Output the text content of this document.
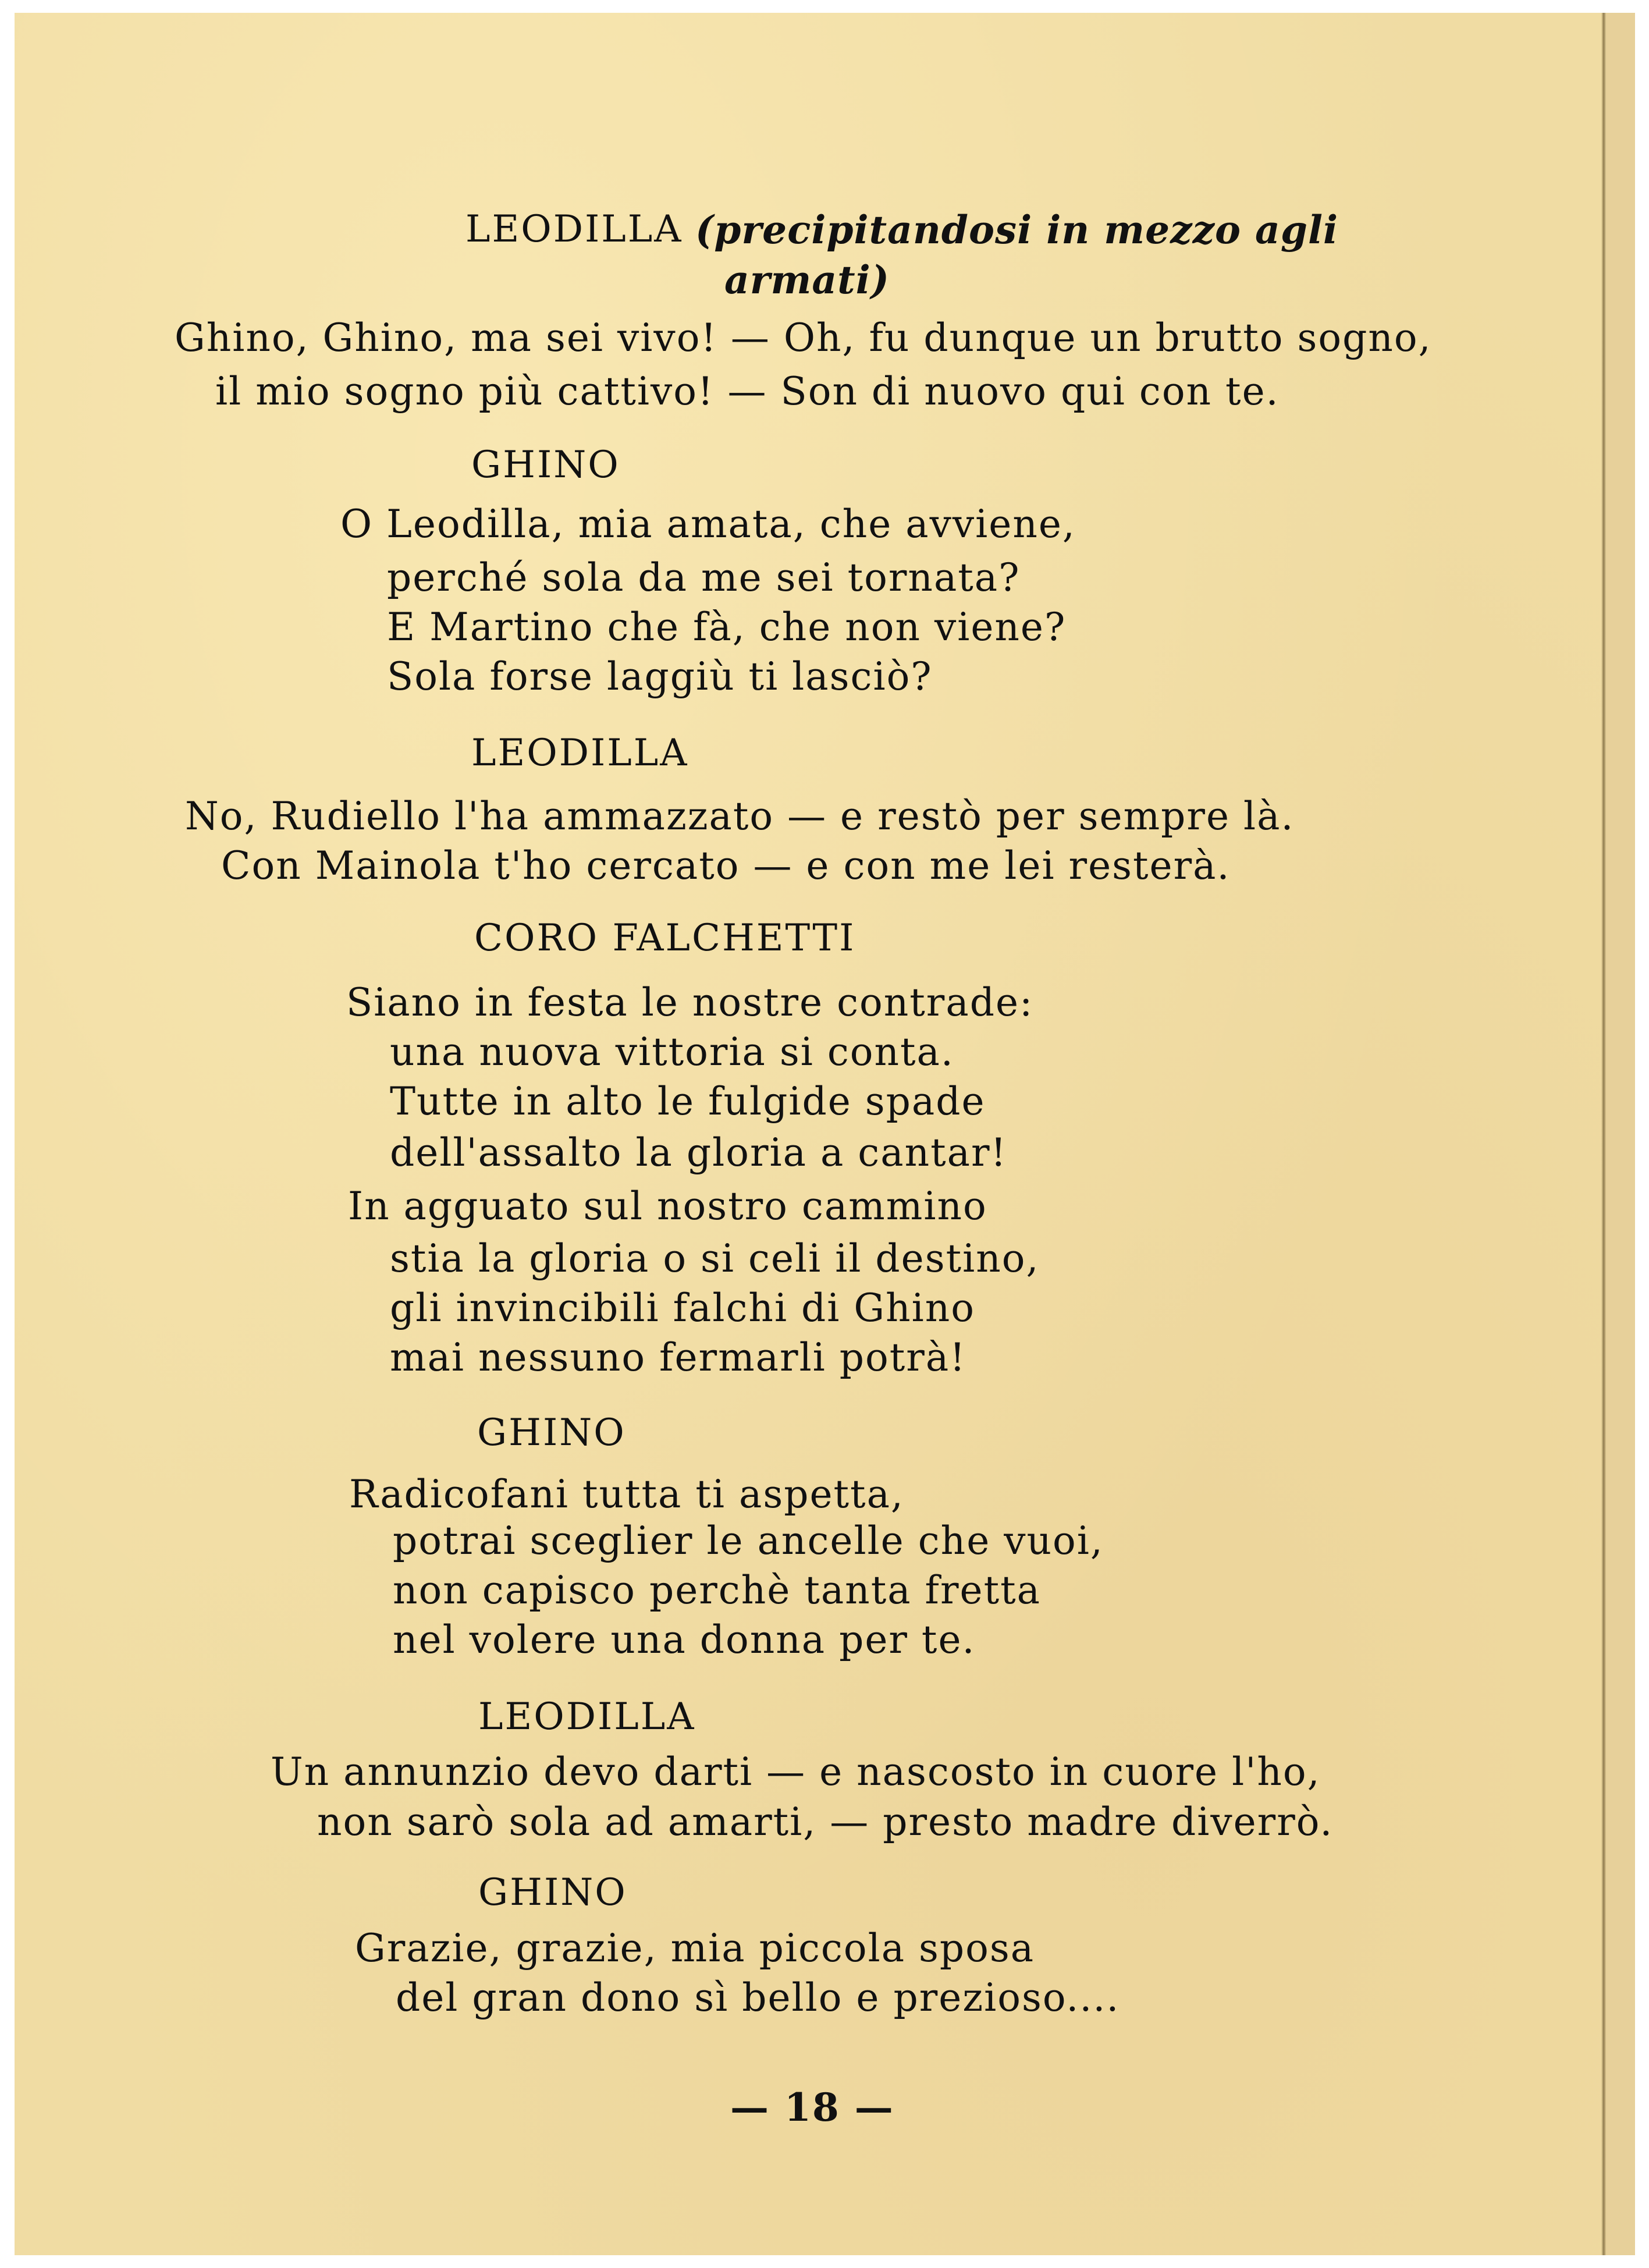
LEODILLA (precipitandosi in mezzo agli
armati)
Ghino, Ghino, ma sei vivo! — Oh, fu dunque un brutto sogno,
il mio sogno più cattivo! — Son di nuovo qui con te.
GHINO
O Leodilla, mia amata, che avviene,
perché sola da me sei tornata?
E Martino che fà, che non viene?
Sola forse laggiù ti lasciò?
LEODILLA
No, Rudiello l'ha ammazzato — e restò per sempre là.
Con Mainola t'ho cercato — e con me lei resterà.
CORO FALCHETTI
Siano in festa le nostre contrade:
una nuova vittoria si conta.
Tutte in alto le fulgide spade
dell'assalto la gloria a cantar!
In agguato sul nostro cammino
stia la gloria o si celi il destino,
gli invincibili falchi di Ghino
mai nessuno fermarli potrà!
GHINO
Radicofani tutta ti aspetta,
potrai sceglier le ancelle che vuoi,
non capisco perchè tanta fretta
nel volere una donna per te.
LEODILLA
Un annunzio devo darti — e nascosto in cuore l'ho,
non sarò sola ad amarti, — presto madre diverrò.
GHINO
Grazie, grazie, mia piccola sposa
del gran dono sì bello e prezioso....
— 18 —
